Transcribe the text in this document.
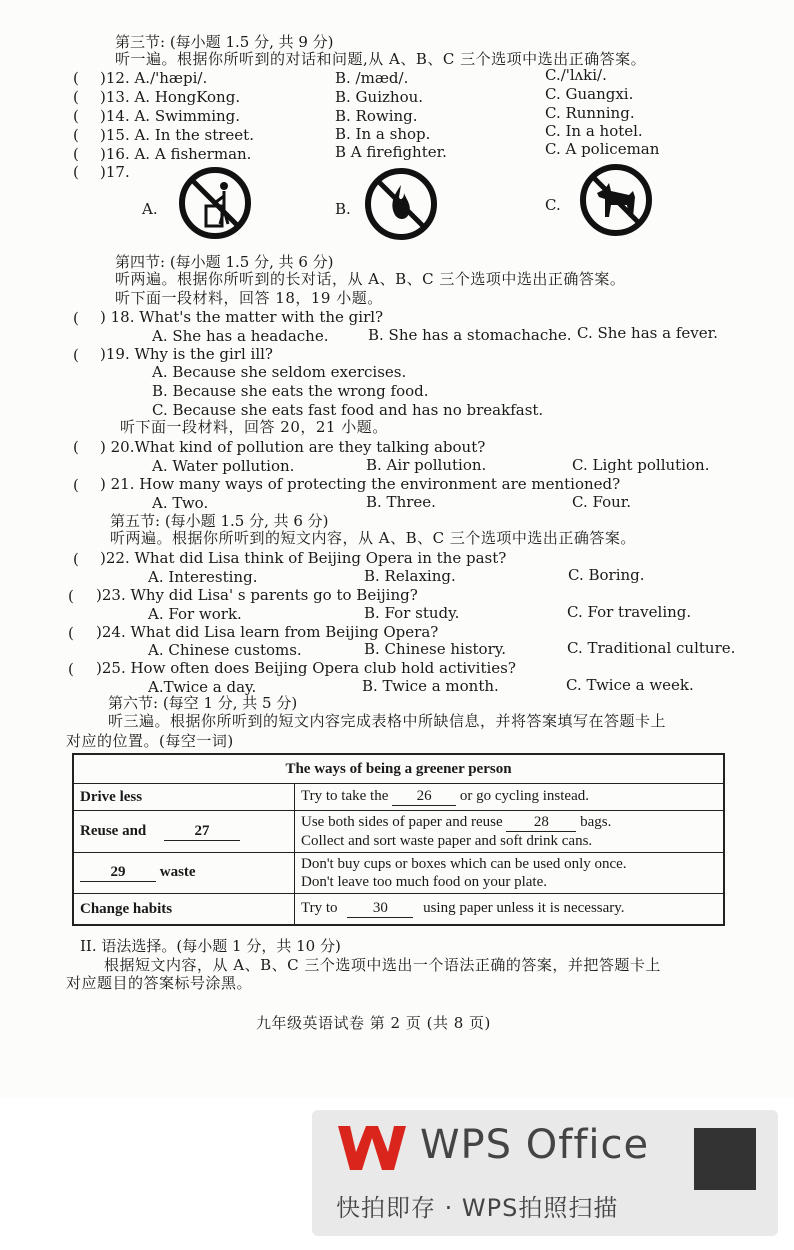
第三节: (每小题 1.5 分, 共 9 分)
听一遍。根据你所听到的对话和问题,从 A、B、C 三个选项中选出正确答案。
( )12. A./'hæpi/.	B. /mæd/.	C./'lʌki/.
( )13. A. HongKong.	B. Guizhou.	C. Guangxi.
( )14. A. Swimming.	B. Rowing.	C. Running.
( )15. A. In the street.	B. In a shop.	C. In a hotel.
( )16. A. A fisherman.	B A firefighter.	C. A policeman
( )17.
A.	B.	C.
第四节: (每小题 1.5 分, 共 6 分)
听两遍。根据你所听到的长对话，从 A、B、C 三个选项中选出正确答案。
听下面一段材料，回答 18，19 小题。
( ) 18. What's the matter with the girl?
A. She has a headache.	B. She has a stomachache. C. She has a fever.
( )19. Why is the girl ill?
A. Because she seldom exercises.
B. Because she eats the wrong food.
C. Because she eats fast food and has no breakfast.
听下面一段材料，回答 20，21 小题。
( ) 20.What kind of pollution are they talking about?
A. Water pollution.	B. Air pollution.	C. Light pollution.
( ) 21. How many ways of protecting the environment are mentioned?
A. Two.	B. Three.	C. Four.
第五节: (每小题 1.5 分, 共 6 分)
听两遍。根据你所听到的短文内容，从 A、B、C 三个选项中选出正确答案。
( )22. What did Lisa think of Beijing Opera in the past?
A. Interesting.	B. Relaxing.	C. Boring.
( )23. Why did Lisa' s parents go to Beijing?
A. For work.	B. For study.	C. For traveling.
( )24. What did Lisa learn from Beijing Opera?
A. Chinese customs.	B. Chinese history.	C. Traditional culture.
( )25. How often does Beijing Opera club hold activities?
A.Twice a day.	B. Twice a month.	C. Twice a week.
第六节: (每空 1 分, 共 5 分)
听三遍。根据你所听到的短文内容完成表格中所缺信息，并将答案填写在答题卡上
对应的位置。(每空一词)
The ways of being a greener person	
Drive less	Try to take the 26 or go cycling instead.
Reuse and 27	Use both sides of paper and reuse 28 bags.
Collect and sort waste paper and soft drink cans.

29 waste	Don't buy cups or boxes which can be used only once.
Don't leave too much food on your plate.

Change habits	Try to 30 using paper unless it is necessary.
II. 语法选择。(每小题 1 分，共 10 分)
根据短文内容，从 A、B、C 三个选项中选出一个语法正确的答案，并把答题卡上
对应题目的答案标号涂黑。
九年级英语试卷 第 2 页 (共 8 页)
WPS Office
快拍即存 · WPS拍照扫描
